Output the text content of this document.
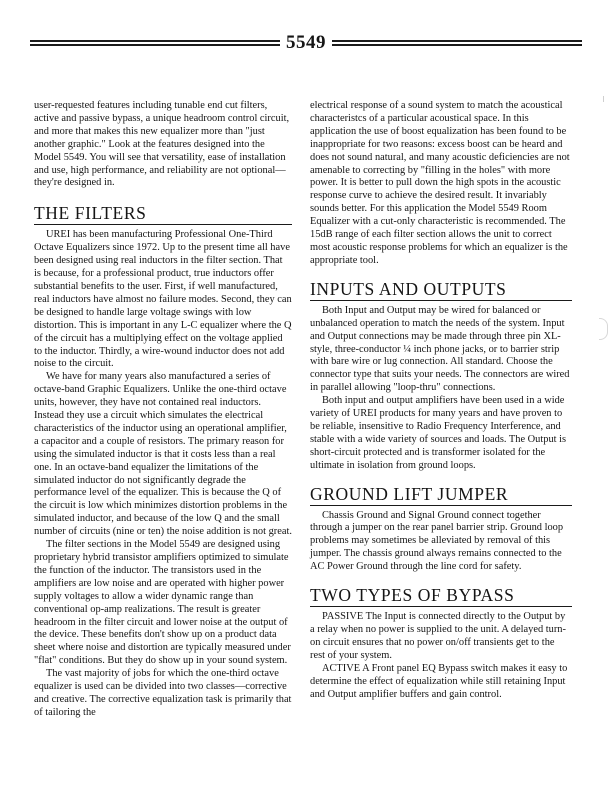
5549

user-requested features including tunable end cut filters, active and passive bypass, a unique headroom control circuit, and more that makes this new equalizer more than "just another graphic." Look at the features designed into the Model 5549. You will see that versatility, ease of installation and use, high performance, and reliability are not optional—they're designed in.

THE FILTERS

UREI has been manufacturing Professional One-Third Octave Equalizers since 1972. Up to the present time all have been designed using real inductors in the filter section. That is because, for a professional product, true inductors offer substantial benefits to the user. First, if well manufactured, real inductors have almost no failure modes. Second, they can be designed to handle large voltage swings with low distortion. This is important in any L-C equalizer where the Q of the circuit has a multiplying effect on the voltage applied to the inductor. Thirdly, a wire-wound inductor does not add noise to the circuit.

We have for many years also manufactured a series of octave-band Graphic Equalizers. Unlike the one-third octave units, however, they have not contained real inductors. Instead they use a circuit which simulates the electrical characteristics of the inductor using an operational amplifier, a capacitor and a couple of resistors. The primary reason for using the simulated inductor is that it costs less than a real one. In an octave-band equalizer the limitations of the simulated inductor do not significantly degrade the performance level of the equalizer. This is because the Q of the circuit is low which minimizes distortion problems in the simulated inductor, and because of the low Q and the small number of circuits (nine or ten) the noise addition is not great.

The filter sections in the Model 5549 are designed using proprietary hybrid transistor amplifiers optimized to simulate the function of the inductor. The transistors used in the amplifiers are low noise and are operated with higher power supply voltages to allow a wider dynamic range than conventional op-amp realizations. The result is greater headroom in the filter circuit and lower noise at the output of the device. These benefits don't show up on a product data sheet where noise and distortion are typically measured under "flat" conditions. But they do show up in your sound system.

The vast majority of jobs for which the one-third octave equalizer is used can be divided into two classes—corrective and creative. The corrective equalization task is primarily that of tailoring the

electrical response of a sound system to match the acoustical characteristcs of a particular acoustical space. In this application the use of boost equalization has been found to be inappropriate for two reasons: excess boost can be heard and does not sound natural, and many acoustic deficiencies are not amenable to correcting by "filling in the holes" with more power. It is better to pull down the high spots in the acoustic response curve to achieve the desired result. It invariably sounds better. For this application the Model 5549 Room Equalizer with a cut-only characteristic is recommended. The 15dB range of each filter section allows the unit to correct most acoustic response problems for which an equalizer is the appropriate tool.

INPUTS AND OUTPUTS

Both Input and Output may be wired for balanced or unbalanced operation to match the needs of the system. Input and Output connections may be made through three pin XL-style, three-conductor ¼ inch phone jacks, or to barrier strip with bare wire or lug connection. All standard. Choose the connector type that suits your needs. The connectors are wired in parallel allowing "loop-thru" connections.

Both input and output amplifiers have been used in a wide variety of UREI products for many years and have proven to be reliable, insensitive to Radio Frequency Interference, and stable with a wide variety of sources and loads. The Output is short-circuit protected and is transformer isolated for the ultimate in isolation from ground loops.

GROUND LIFT JUMPER

Chassis Ground and Signal Ground connect together through a jumper on the rear panel barrier strip. Ground loop problems may sometimes be alleviated by removal of this jumper. The chassis ground always remains connected to the AC Power Ground through the line cord for safety.

TWO TYPES OF BYPASS

PASSIVE The Input is connected directly to the Output by a relay when no power is supplied to the unit. A delayed turn-on circuit ensures that no power on/off transients get to the rest of your system.

ACTIVE A Front panel EQ Bypass switch makes it easy to determine the effect of equalization while still retaining Input and Output amplifier buffers and gain control.
